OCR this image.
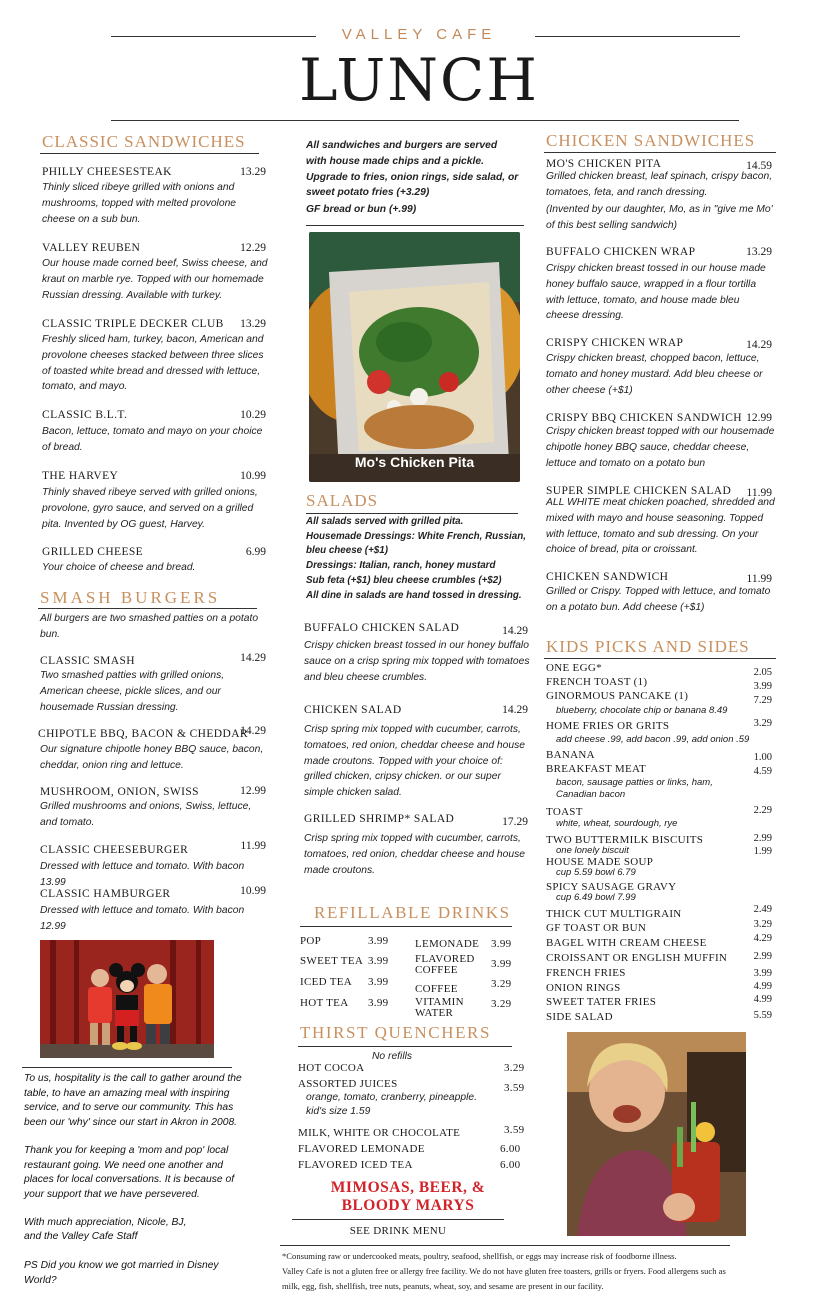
VALLEY CAFE
LUNCH
CLASSIC SANDWICHES
PHILLY CHEESESTEAK	13.29
Thinly sliced ribeye grilled with onions and mushrooms, topped with melted provolone cheese on a sub bun.
VALLEY REUBEN	12.29
Our house made corned beef, Swiss cheese, and kraut on marble rye. Topped with our homemade Russian dressing. Available with turkey.
CLASSIC TRIPLE DECKER CLUB	13.29
Freshly sliced ham, turkey, bacon, American and provolone cheeses stacked between three slices of toasted white bread and dressed with lettuce, tomato, and mayo.
CLASSIC B.L.T.	10.29
Bacon, lettuce, tomato and mayo on your choice of bread.
THE HARVEY	10.99
Thinly shaved ribeye served with grilled onions, provolone, gyro sauce, and served on a grilled pita. Invented by OG guest, Harvey.
GRILLED CHEESE	6.99
Your choice of cheese and bread.
SMASH BURGERS
All burgers are two smashed patties on a potato bun.
CLASSIC SMASH	14.29
Two smashed patties with grilled onions, American cheese, pickle slices, and our housemade Russian dressing.
CHIPOTLE BBQ, BACON & CHEDDAR
14.29
Our signature chipotle honey BBQ sauce, bacon, cheddar, onion ring and lettuce.
MUSHROOM, ONION, SWISS	12.99
Grilled mushrooms and onions, Swiss, lettuce, and tomato.
CLASSIC CHEESEBURGER	11.99
Dressed with lettuce and tomato. With bacon 13.99
CLASSIC HAMBURGER	10.99
Dressed with lettuce and tomato. With bacon 12.99
To us, hospitality is the call to gather around the table, to have an amazing meal with inspiring service, and to serve our community. This has been our 'why' since our start in Akron in 2008.
Thank you for keeping a 'mom and pop' local restaurant going. We need one another and places for local conversations. It is because of your support that we have persevered.
With much appreciation, Nicole, BJ,
and the Valley Cafe Staff
PS Did you know we got married in Disney World?
All sandwiches and burgers are served with house made chips and a pickle. Upgrade to fries, onion rings, side salad, or sweet potato fries (+3.29)
GF bread or bun (+.99)
Mo's Chicken Pita
SALADS
All salads served with grilled pita.
Housemade Dressings: White French, Russian, bleu cheese (+$1)
Dressings: Italian, ranch, honey mustard
Sub feta (+$1) bleu cheese crumbles (+$2)
All dine in salads are hand tossed in dressing.
BUFFALO CHICKEN SALAD	14.29
Crispy chicken breast tossed in our honey buffalo sauce on a crisp spring mix topped with tomatoes and bleu cheese crumbles.
CHICKEN SALAD	14.29
Crisp spring mix topped with cucumber, carrots, tomatoes, red onion, cheddar cheese and house made croutons. Topped with your choice of: grilled chicken, cripsy chicken. or our super simple chicken salad.
GRILLED SHRIMP* SALAD	17.29
Crisp spring mix topped with cucumber, carrots, tomatoes, red onion, cheddar cheese and house made croutons.
REFILLABLE DRINKS
POP	3.99
SWEET TEA 3.99
ICED TEA 3.99
HOT TEA 3.99
LEMONADE 3.99
FLAVORED COFFEE	3.99
COFFEE	3.29
VITAMIN WATER
3.29
THIRST QUENCHERS
No refills
HOT COCOA	3.29
ASSORTED JUICES	3.59
orange, tomato, cranberry, pineapple. kid's size 1.59
MILK, WHITE OR CHOCOLATE	3.59
FLAVORED LEMONADE	6.00
FLAVORED ICED TEA	6.00
MIMOSAS, BEER, &
BLOODY MARYS
SEE DRINK MENU
CHICKEN SANDWICHES
MO'S CHICKEN PITA	14.59
Grilled chicken breast, leaf spinach, crispy bacon, tomatoes, feta, and ranch dressing.
(Invented by our daughter, Mo, as in "give me Mo' of this best selling sandwich)
BUFFALO CHICKEN WRAP	13.29
Crispy chicken breast tossed in our house made honey buffalo sauce, wrapped in a flour tortilla with lettuce, tomato, and house made bleu cheese dressing.
CRISPY CHICKEN WRAP	14.29
Crispy chicken breast, chopped bacon, lettuce, tomato and honey mustard. Add bleu cheese or other cheese (+$1)
CRISPY BBQ CHICKEN SANDWICH 12.99
Crispy chicken breast topped with our housemade chipotle honey BBQ sauce, cheddar cheese, lettuce and tomato on a potato bun
SUPER SIMPLE CHICKEN SALAD	11.99
ALL WHITE meat chicken poached, shredded and mixed with mayo and house seasoning. Topped with lettuce, tomato and sub dressing. On your choice of bread, pita or croissant.
CHICKEN SANDWICH	11.99
Grilled or Crispy. Topped with lettuce, and tomato on a potato bun. Add cheese (+$1)
KIDS PICKS AND SIDES
ONE EGG*	2.05
FRENCH TOAST (1)	3.99
GINORMOUS PANCAKE (1)	7.29
blueberry, chocolate chip or banana 8.49
HOME FRIES OR GRITS	3.29
add cheese .99, add bacon .99, add onion .59
BANANA	1.00
BREAKFAST MEAT	4.59
bacon, sausage patties or links, ham,
Canadian bacon
TOAST	2.29
white, wheat, sourdough, rye
TWO BUTTERMILK BISCUITS	2.99
one lonely biscuit	1.99
HOUSE MADE SOUP
cup 5.59 bowl 6.79
SPICY SAUSAGE GRAVY
cup 6.49 bowl 7.99
THICK CUT MULTIGRAIN	2.49
GF TOAST OR BUN	3.29
BAGEL WITH CREAM CHEESE	4.29
CROISSANT OR ENGLISH MUFFIN	2.99
FRENCH FRIES	3.99
ONION RINGS	4.99
SWEET TATER FRIES	4.99
SIDE SALAD	5.59
*Consuming raw or undercooked meats, poultry, seafood, shellfish, or eggs may increase risk of foodborne illness.
Valley Cafe is not a gluten free or allergy free facility. We do not have gluten free toasters, grills or fryers. Food allergens such as
milk, egg, fish, shellfish, tree nuts, peanuts, wheat, soy, and sesame are present in our facility.
